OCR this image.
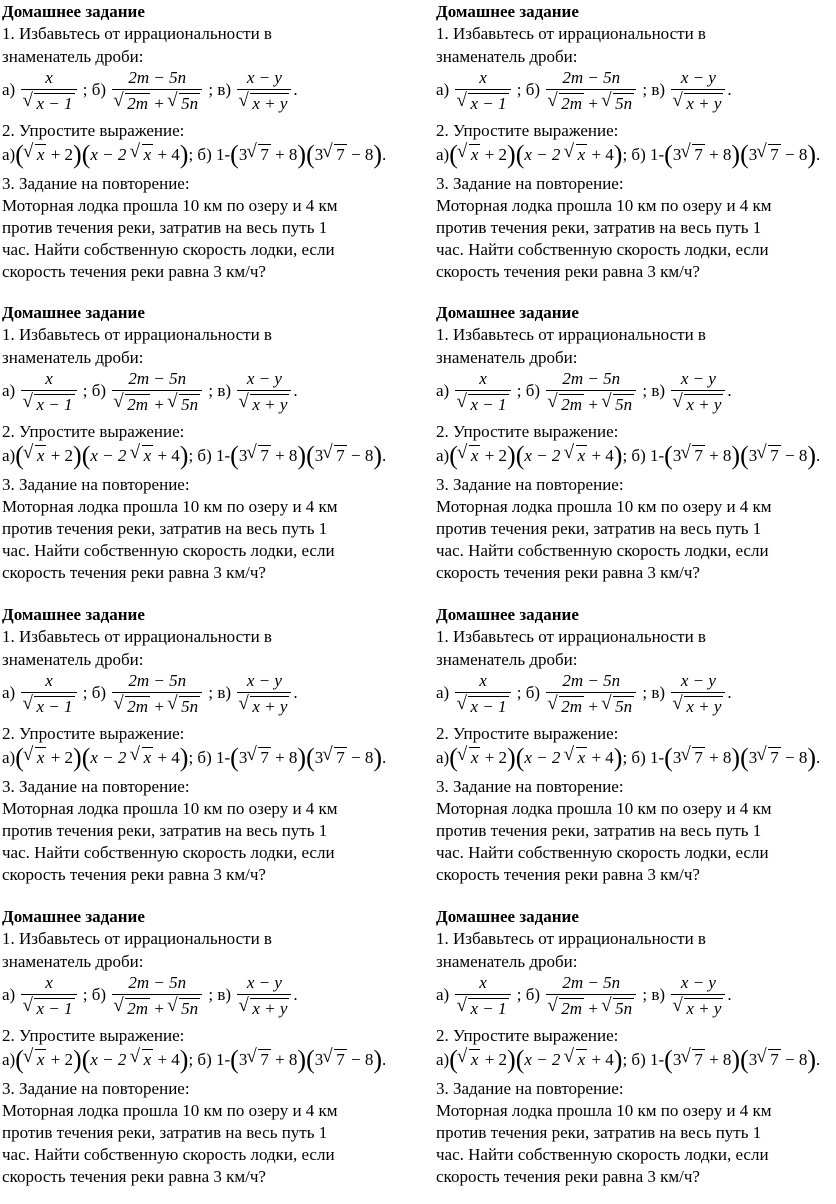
Домашнее задание
1. Избавьтесь от иррациональности в
знаменатель дроби:
а) x
√ x − 1 ; б) 2m − 5n
√ 2m + √ 5n ; в) x − y
√ x + y .
2. Упростите выражение:
а)( √ x + 2)(x − 2 √ x + 4); б) 1-(3 √ 7 + 8)(3 √ 7 − 8).
3. Задание на повторение:
Моторная лодка прошла 10 км по озеру и 4 км
против течения реки, затратив на весь путь 1
час. Найти собственную скорость лодки, если
скорость течения реки равна 3 км/ч?
Домашнее задание
1. Избавьтесь от иррациональности в
знаменатель дроби:
а) x
√ x − 1 ; б) 2m − 5n
√ 2m + √ 5n ; в) x − y
√ x + y .
2. Упростите выражение:
а)( √ x + 2)(x − 2 √ x + 4); б) 1-(3 √ 7 + 8)(3 √ 7 − 8).
3. Задание на повторение:
Моторная лодка прошла 10 км по озеру и 4 км
против течения реки, затратив на весь путь 1
час. Найти собственную скорость лодки, если
скорость течения реки равна 3 км/ч?
Домашнее задание
1. Избавьтесь от иррациональности в
знаменатель дроби:
а) x
√ x − 1 ; б) 2m − 5n
√ 2m + √ 5n ; в) x − y
√ x + y .
2. Упростите выражение:
а)( √ x + 2)(x − 2 √ x + 4); б) 1-(3 √ 7 + 8)(3 √ 7 − 8).
3. Задание на повторение:
Моторная лодка прошла 10 км по озеру и 4 км
против течения реки, затратив на весь путь 1
час. Найти собственную скорость лодки, если
скорость течения реки равна 3 км/ч?
Домашнее задание
1. Избавьтесь от иррациональности в
знаменатель дроби:
а) x
√ x − 1 ; б) 2m − 5n
√ 2m + √ 5n ; в) x − y
√ x + y .
2. Упростите выражение:
а)( √ x + 2)(x − 2 √ x + 4); б) 1-(3 √ 7 + 8)(3 √ 7 − 8).
3. Задание на повторение:
Моторная лодка прошла 10 км по озеру и 4 км
против течения реки, затратив на весь путь 1
час. Найти собственную скорость лодки, если
скорость течения реки равна 3 км/ч?
Домашнее задание
1. Избавьтесь от иррациональности в
знаменатель дроби:
а) x
√ x − 1 ; б) 2m − 5n
√ 2m + √ 5n ; в) x − y
√ x + y .
2. Упростите выражение:
а)( √ x + 2)(x − 2 √ x + 4); б) 1-(3 √ 7 + 8)(3 √ 7 − 8).
3. Задание на повторение:
Моторная лодка прошла 10 км по озеру и 4 км
против течения реки, затратив на весь путь 1
час. Найти собственную скорость лодки, если
скорость течения реки равна 3 км/ч?
Домашнее задание
1. Избавьтесь от иррациональности в
знаменатель дроби:
а) x
√ x − 1 ; б) 2m − 5n
√ 2m + √ 5n ; в) x − y
√ x + y .
2. Упростите выражение:
а)( √ x + 2)(x − 2 √ x + 4); б) 1-(3 √ 7 + 8)(3 √ 7 − 8).
3. Задание на повторение:
Моторная лодка прошла 10 км по озеру и 4 км
против течения реки, затратив на весь путь 1
час. Найти собственную скорость лодки, если
скорость течения реки равна 3 км/ч?
Домашнее задание
1. Избавьтесь от иррациональности в
знаменатель дроби:
а) x
√ x − 1 ; б) 2m − 5n
√ 2m + √ 5n ; в) x − y
√ x + y .
2. Упростите выражение:
а)( √ x + 2)(x − 2 √ x + 4); б) 1-(3 √ 7 + 8)(3 √ 7 − 8).
3. Задание на повторение:
Моторная лодка прошла 10 км по озеру и 4 км
против течения реки, затратив на весь путь 1
час. Найти собственную скорость лодки, если
скорость течения реки равна 3 км/ч?
Домашнее задание
1. Избавьтесь от иррациональности в
знаменатель дроби:
а) x
√ x − 1 ; б) 2m − 5n
√ 2m + √ 5n ; в) x − y
√ x + y .
2. Упростите выражение:
а)( √ x + 2)(x − 2 √ x + 4); б) 1-(3 √ 7 + 8)(3 √ 7 − 8).
3. Задание на повторение:
Моторная лодка прошла 10 км по озеру и 4 км
против течения реки, затратив на весь путь 1
час. Найти собственную скорость лодки, если
скорость течения реки равна 3 км/ч?
